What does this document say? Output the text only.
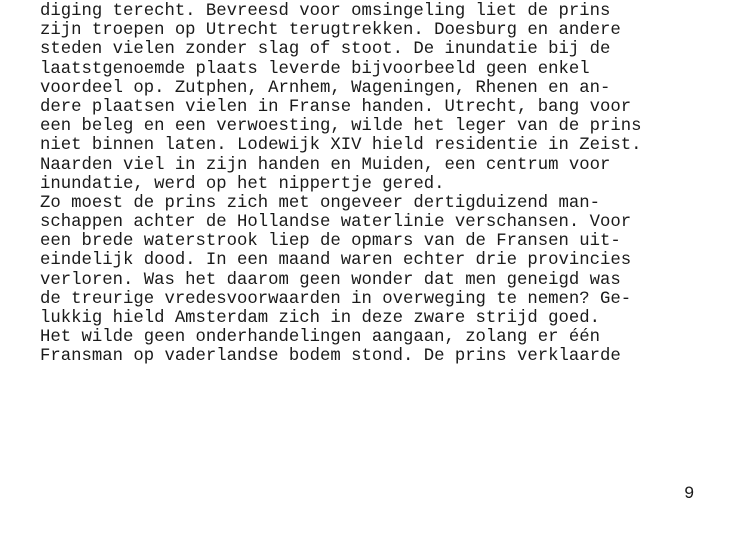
diging terecht. Bevreesd voor omsingeling liet de prins
zijn troepen op Utrecht terugtrekken. Doesburg en andere
steden vielen zonder slag of stoot. De inundatie bij de
laatstgenoemde plaats leverde bijvoorbeeld geen enkel
voordeel op. Zutphen, Arnhem, Wageningen, Rhenen en an-
dere plaatsen vielen in Franse handen. Utrecht, bang voor
een beleg en een verwoesting, wilde het leger van de prins
niet binnen laten. Lodewijk XIV hield residentie in Zeist.
Naarden viel in zijn handen en Muiden, een centrum voor
inundatie, werd op het nippertje gered.
Zo moest de prins zich met ongeveer dertigduizend man-
schappen achter de Hollandse waterlinie verschansen. Voor
een brede waterstrook liep de opmars van de Fransen uit-
eindelijk dood. In een maand waren echter drie provincies
verloren. Was het daarom geen wonder dat men geneigd was
de treurige vredesvoorwaarden in overweging te nemen? Ge-
lukkig hield Amsterdam zich in deze zware strijd goed.
Het wilde geen onderhandelingen aangaan, zolang er één
Fransman op vaderlandse bodem stond. De prins verklaarde
9
